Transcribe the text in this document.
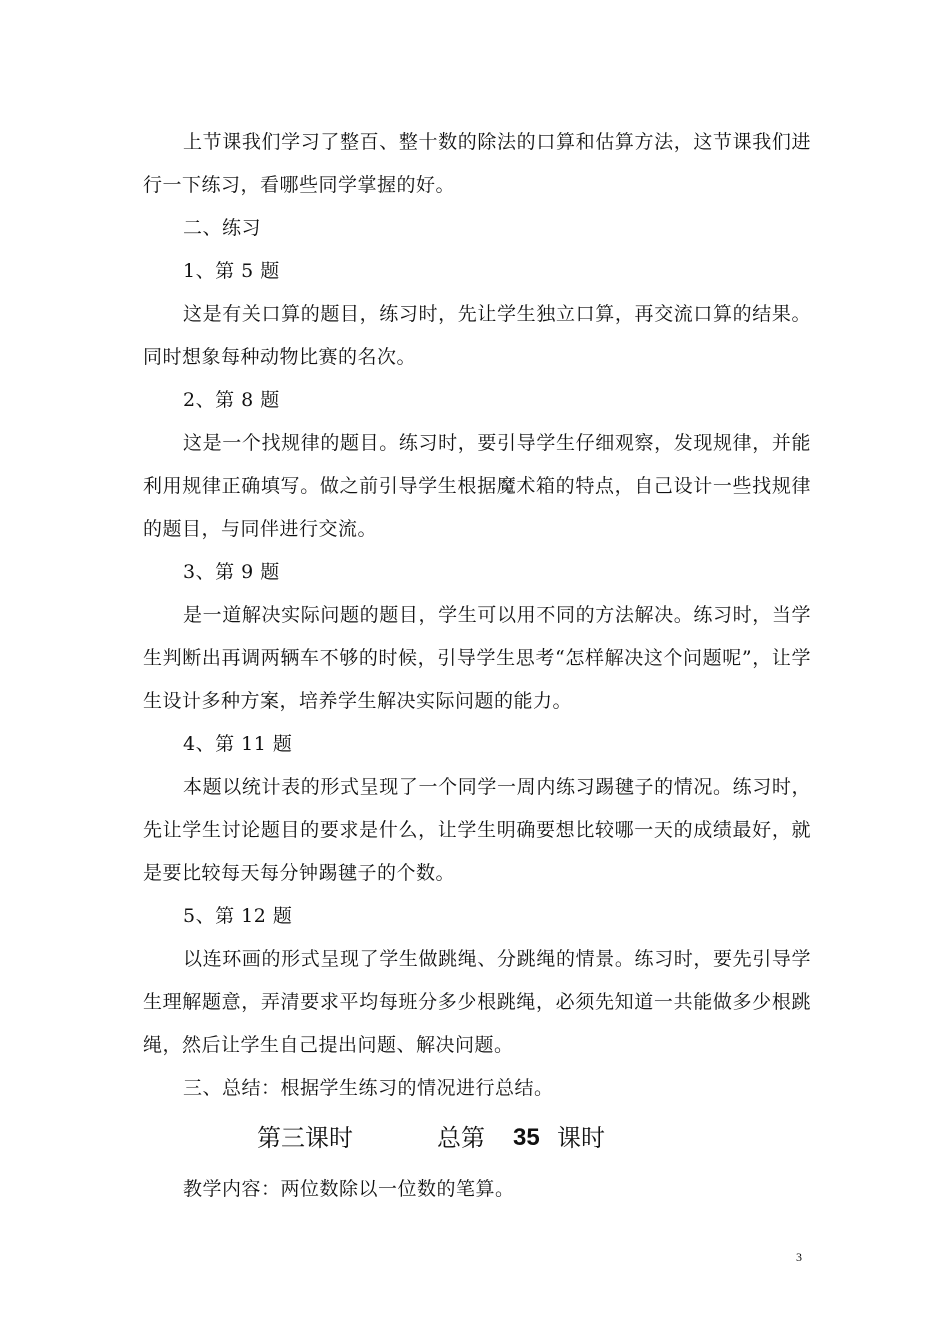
上节课我们学习了整百、整十数的除法的口算和估算方法，这节课我们进行一下练习，看哪些同学掌握的好。

二、练习

1、第 5 题

这是有关口算的题目，练习时，先让学生独立口算，再交流口算的结果。同时想象每种动物比赛的名次。

2、第 8 题

这是一个找规律的题目。练习时，要引导学生仔细观察，发现规律，并能利用规律正确填写。做之前引导学生根据魔术箱的特点，自己设计一些找规律的题目，与同伴进行交流。

3、第 9 题

是一道解决实际问题的题目，学生可以用不同的方法解决。练习时，当学生判断出再调两辆车不够的时候，引导学生思考“怎样解决这个问题呢”，让学生设计多种方案，培养学生解决实际问题的能力。

4、第 11 题

本题以统计表的形式呈现了一个同学一周内练习踢毽子的情况。练习时，先让学生讨论题目的要求是什么，让学生明确要想比较哪一天的成绩最好，就是要比较每天每分钟踢毽子的个数。

5、第 12 题

以连环画的形式呈现了学生做跳绳、分跳绳的情景。练习时，要先引导学生理解题意，弄清要求平均每班分多少根跳绳，必须先知道一共能做多少根跳绳，然后让学生自己提出问题、解决问题。

三、总结：根据学生练习的情况进行总结。

第三课时	总第 35 课时
教学内容：两位数除以一位数的笔算。
3
